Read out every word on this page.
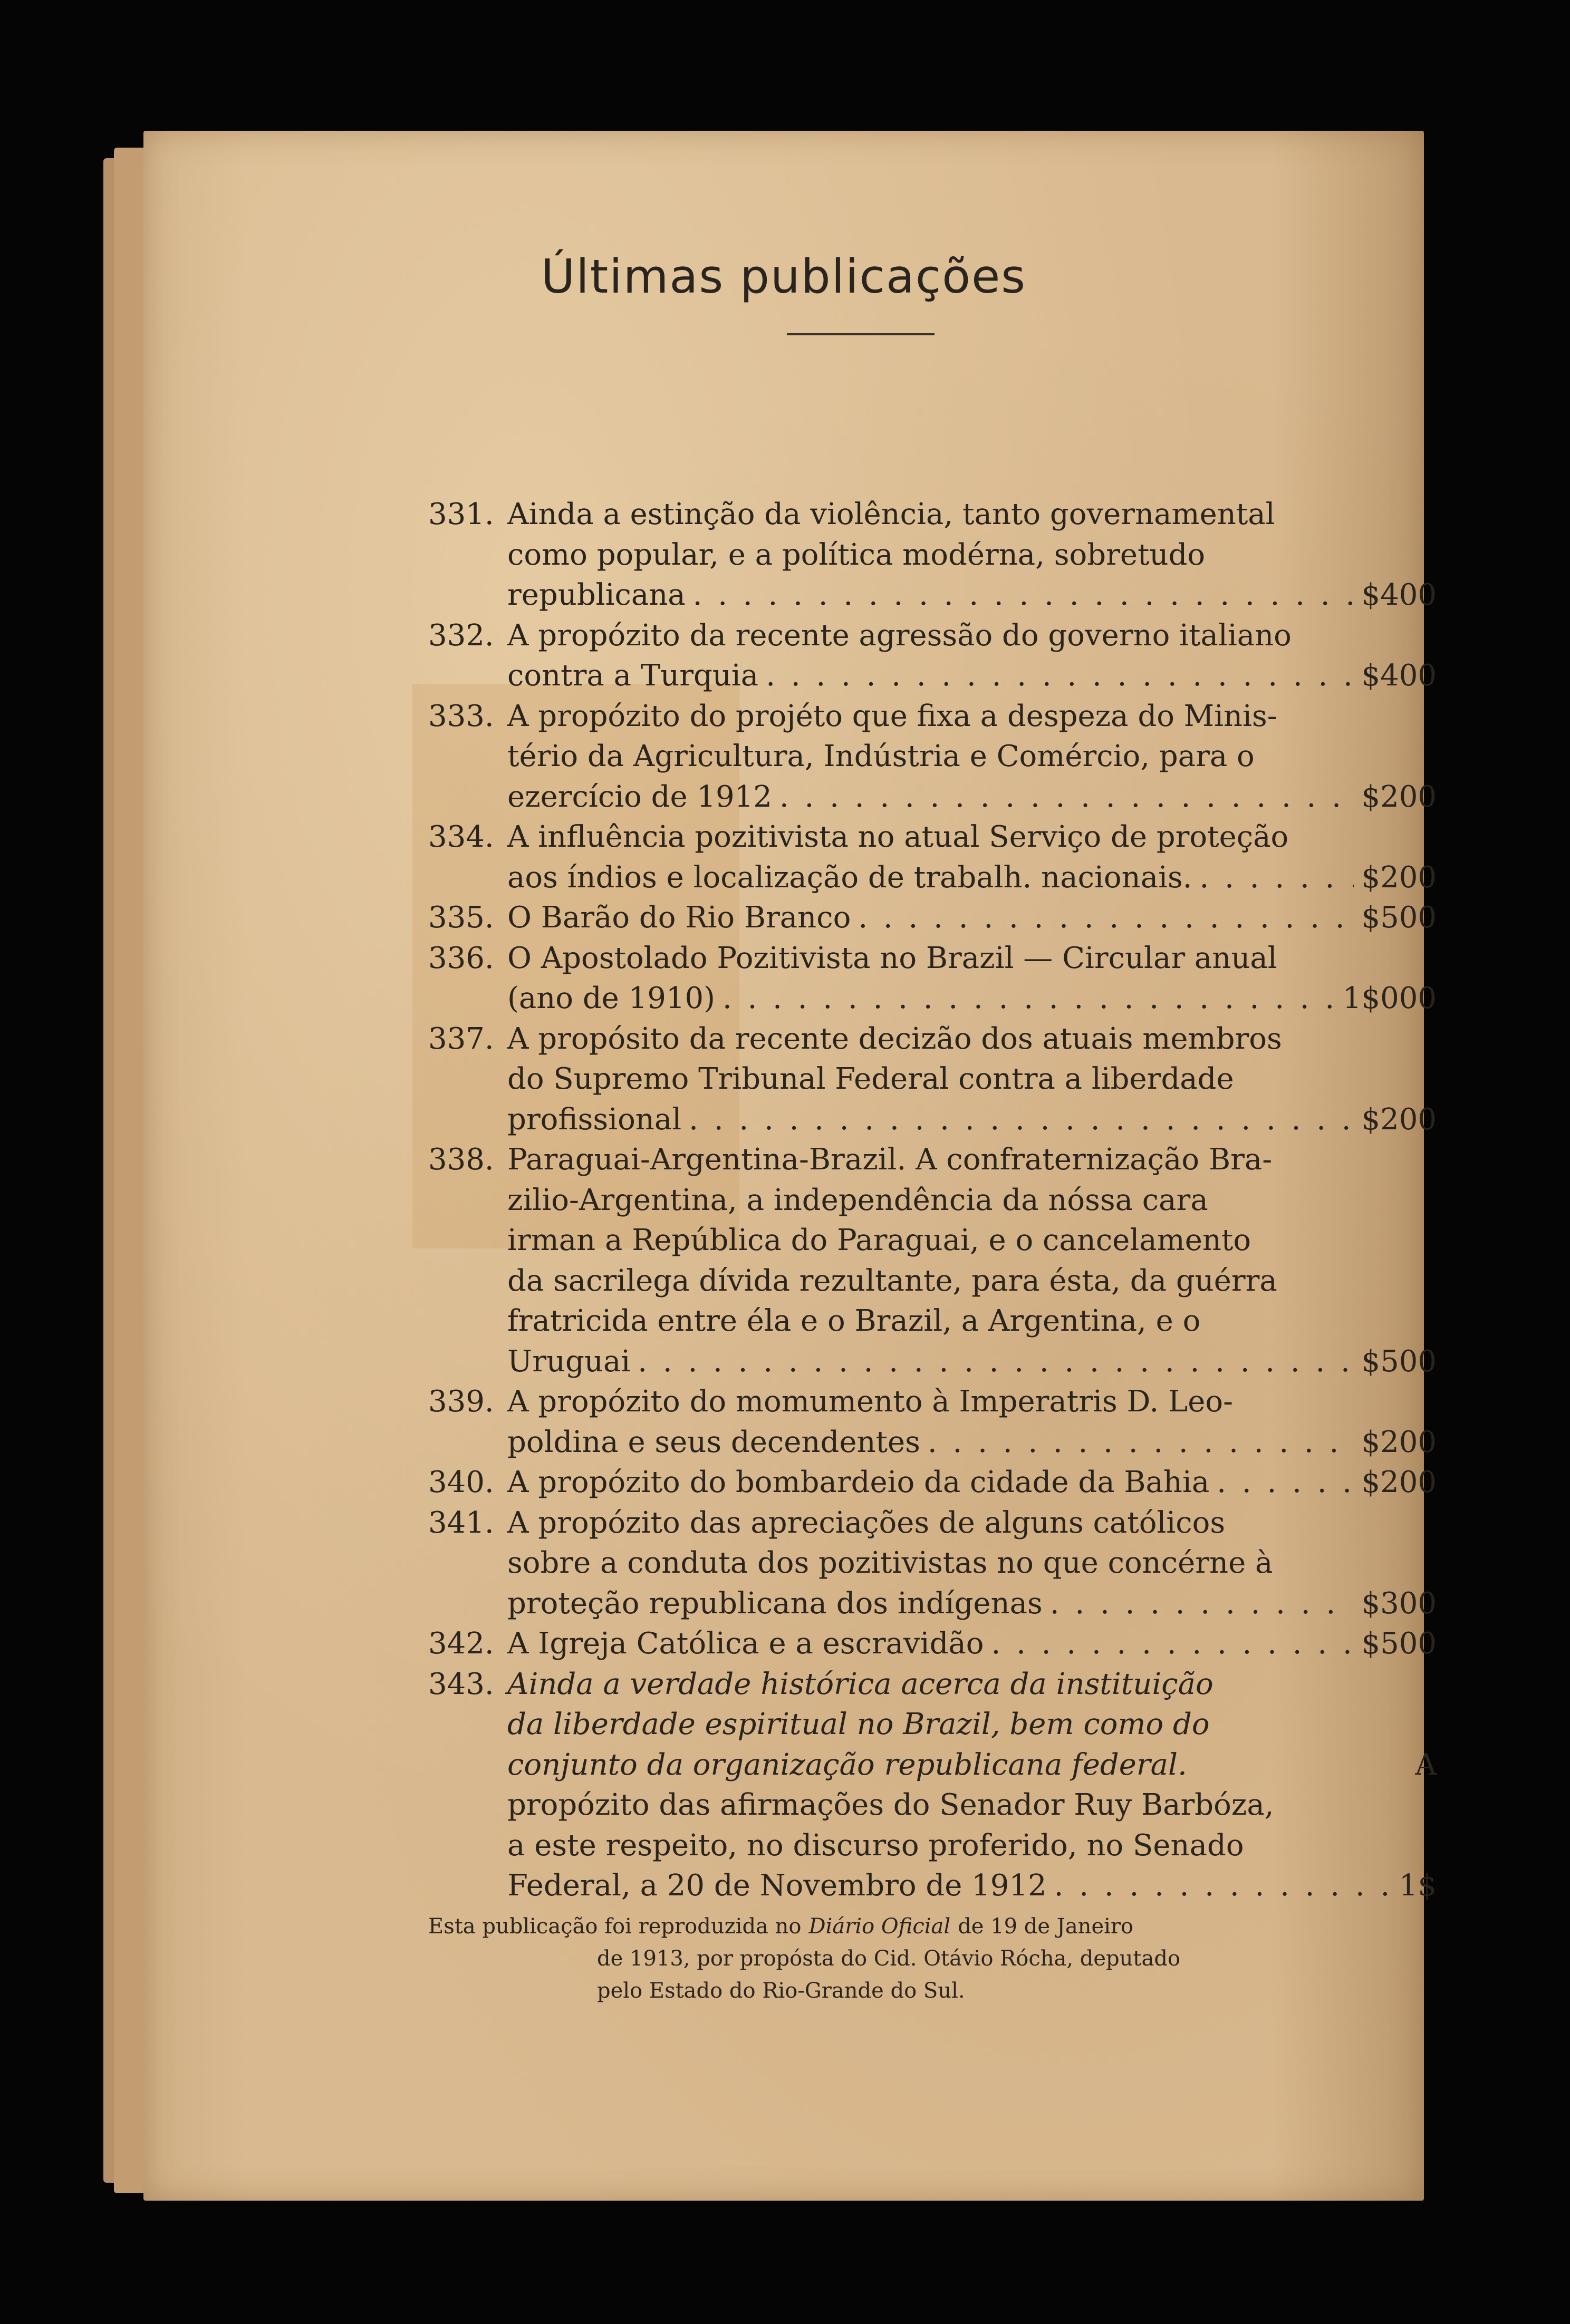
Últimas publicações
331. Ainda a estinção da violência, tanto governamental
como popular, e a política modérna, sobretudo
republicana . . .	$400
332. A propózito da recente agressão do governo italiano
contra a Turquia . . .	$400
333. A propózito do projéto que fixa a despeza do Minis-
tério da Agricultura, Indústria e Comércio, para o
ezercício de 1912 . . .	$200
334. A influência pozitivista no atual Serviço de proteção
aos índios e localização de trabalh. nacionais. . . .	$200
335. O Barão do Rio Branco . . .	$500
336. O Apostolado Pozitivista no Brazil — Circular anual
(ano de 1910) . . .	1$000
337. A propósito da recente decizão dos atuais membros
do Supremo Tribunal Federal contra a liberdade
profissional . . .	$200
338. Paraguai-Argentina-Brazil. A confraternização Bra-
zilio-Argentina, a independência da nóssa cara
irman a República do Paraguai, e o cancelamento
da sacrilega dívida rezultante, para ésta, da guérra
fratricida entre éla e o Brazil, a Argentina, e o
Uruguai . . .	$500
339. A propózito do momumento à Imperatris D. Leo-
poldina e seus decendentes . . .	$200
340. A propózito do bombardeio da cidade da Bahia . . .	$200
341. A propózito das apreciações de alguns católicos
sobre a conduta dos pozitivistas no que concérne à
proteção republicana dos indígenas . . .	$300
342. A Igreja Católica e a escravidão . . .	$500
343. Ainda a verdade histórica acerca da instituição
da liberdade espiritual no Brazil, bem como do
conjunto da organização republicana federal.	A
propózito das afirmações do Senador Ruy Barbóza,
a este respeito, no discurso proferido, no Senado
Federal, a 20 de Novembro de 1912 . . .	1$
Esta publicação foi reproduzida no Diário Oficial de 19 de Janeiro
de 1913, por propósta do Cid. Otávio Rócha, deputado
pelo Estado do Rio-Grande do Sul.
